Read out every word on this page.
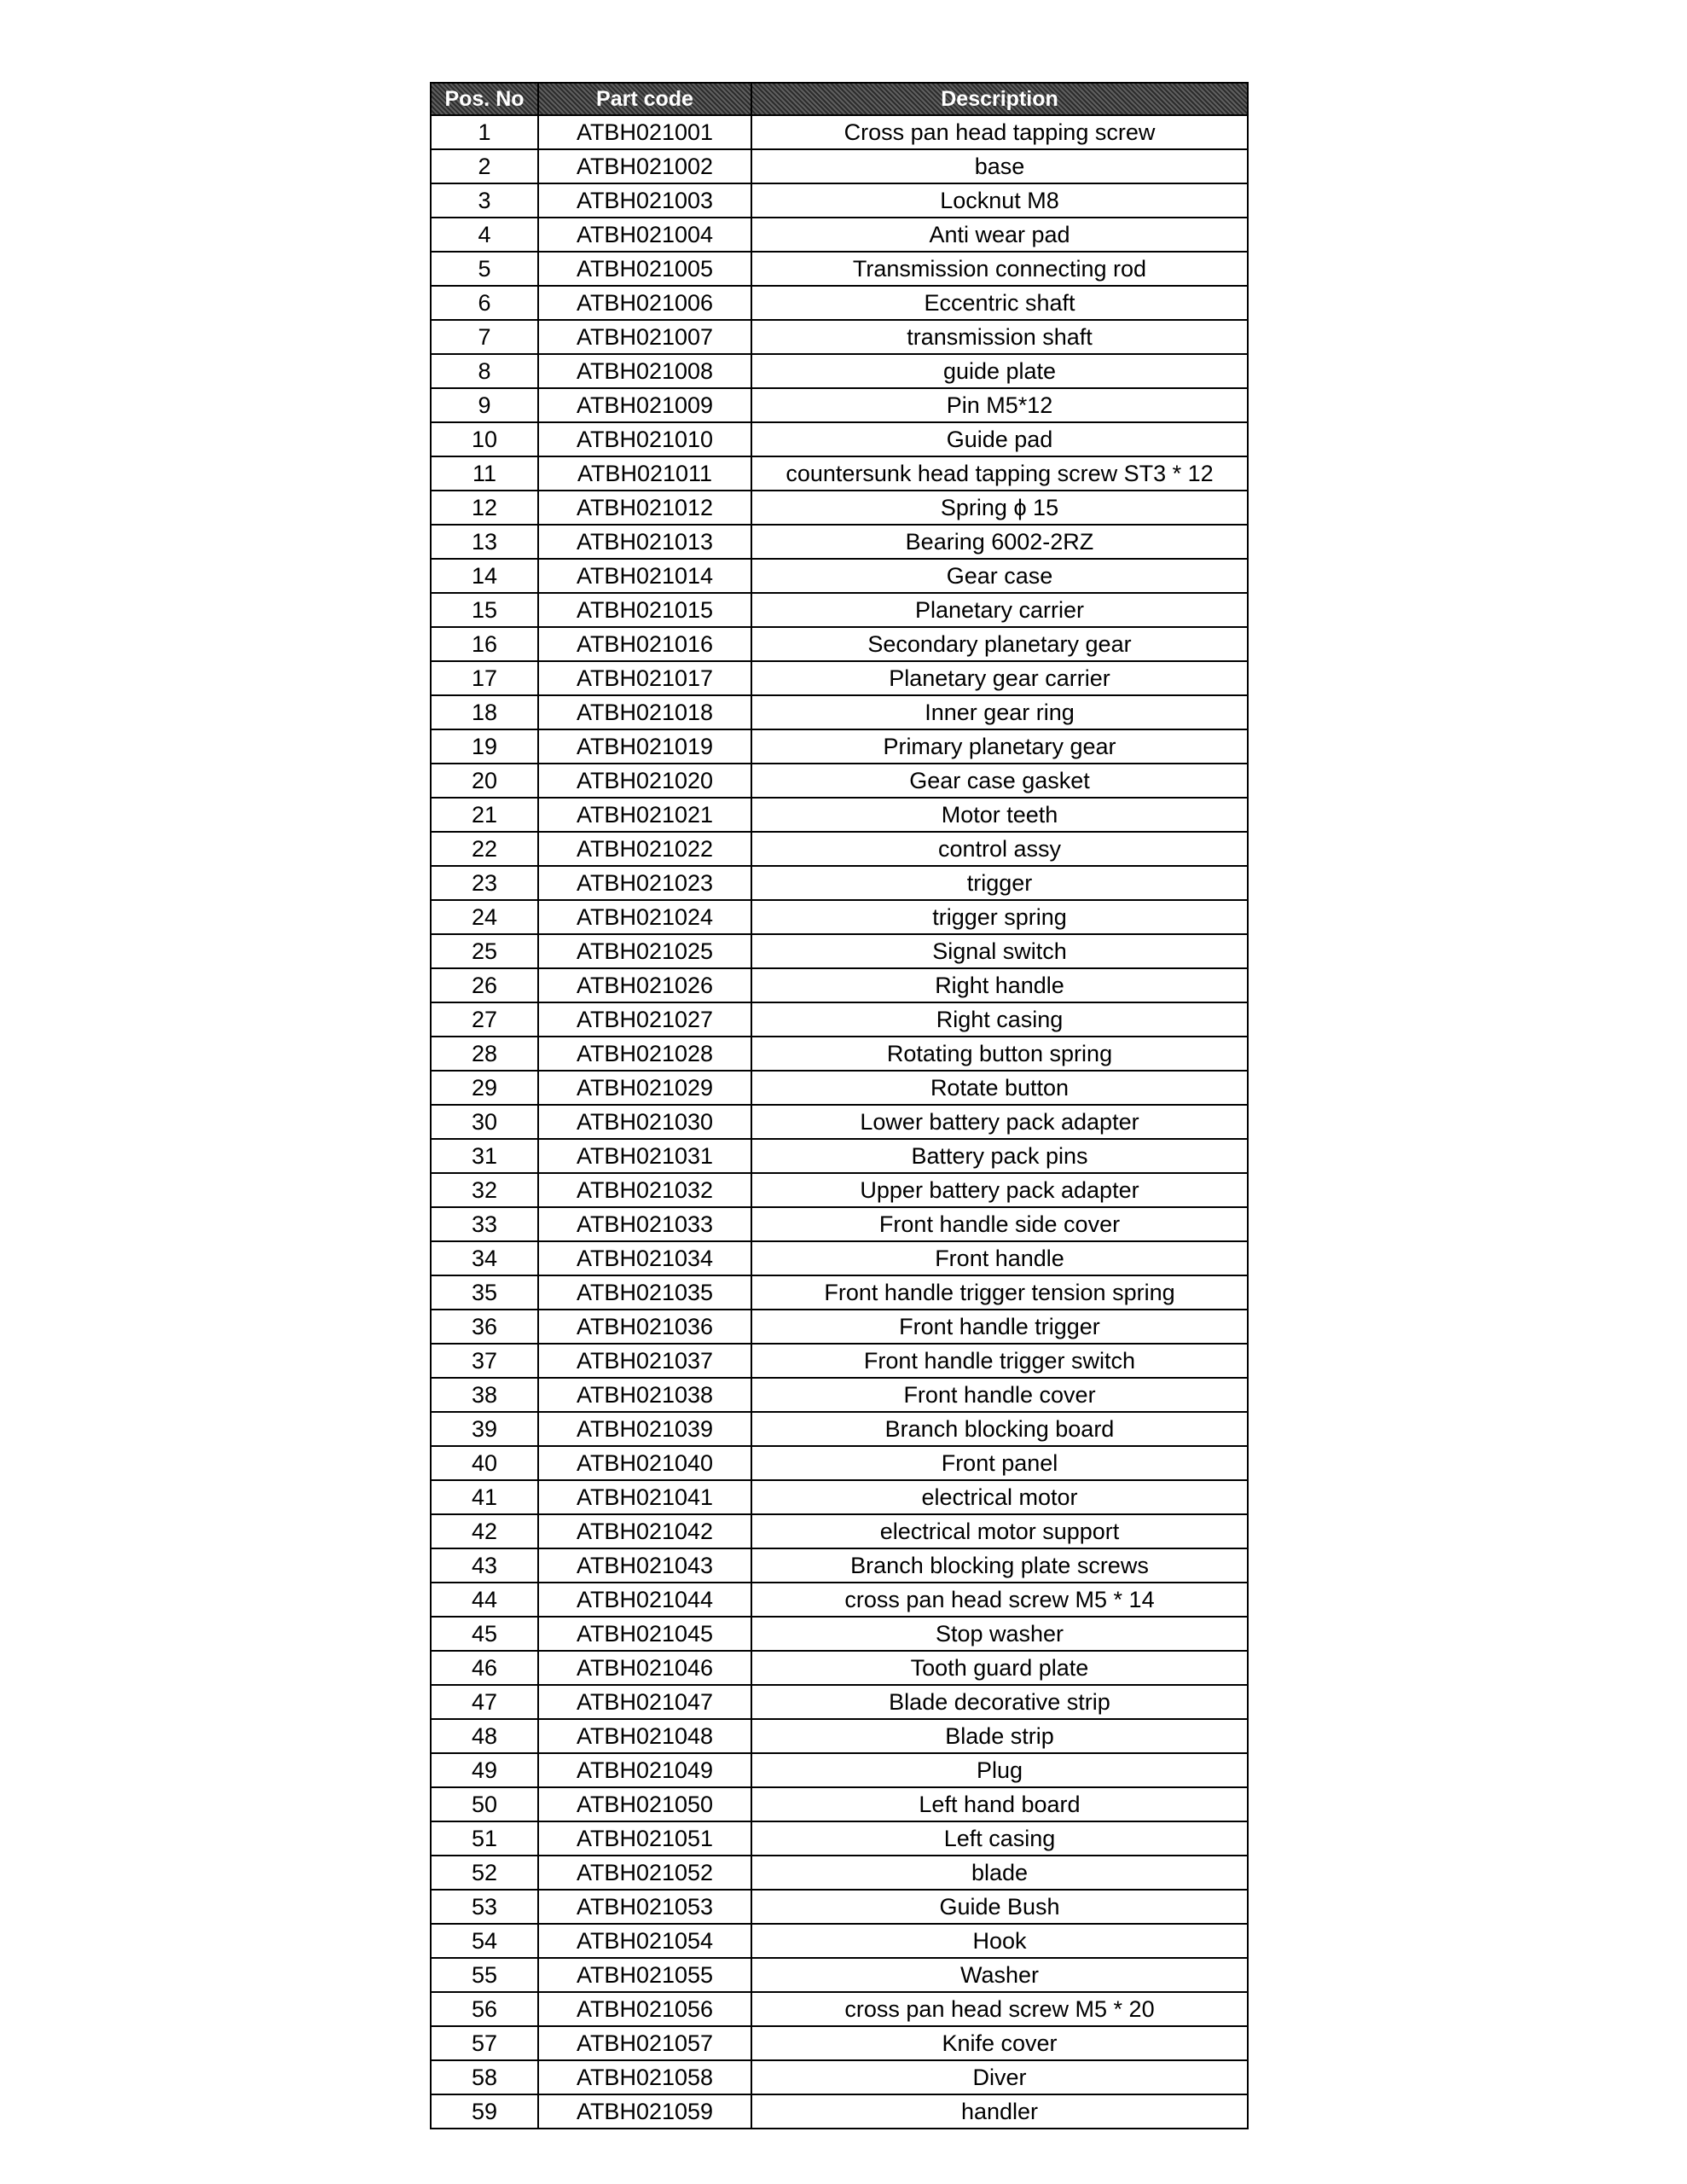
Pos. No	Part code	Description
1	ATBH021001	Cross pan head tapping screw
2	ATBH021002	base
3	ATBH021003	Locknut M8
4	ATBH021004	Anti wear pad
5	ATBH021005	Transmission connecting rod
6	ATBH021006	Eccentric shaft
7	ATBH021007	transmission shaft
8	ATBH021008	guide plate
9	ATBH021009	Pin M5*12
10	ATBH021010	Guide pad
11	ATBH021011	countersunk head tapping screw ST3 * 12
12	ATBH021012	Spring ϕ 15
13	ATBH021013	Bearing 6002-2RZ
14	ATBH021014	Gear case
15	ATBH021015	Planetary carrier
16	ATBH021016	Secondary planetary gear
17	ATBH021017	Planetary gear carrier
18	ATBH021018	Inner gear ring
19	ATBH021019	Primary planetary gear
20	ATBH021020	Gear case gasket
21	ATBH021021	Motor teeth
22	ATBH021022	control assy
23	ATBH021023	trigger
24	ATBH021024	trigger spring
25	ATBH021025	Signal switch
26	ATBH021026	Right handle
27	ATBH021027	Right casing
28	ATBH021028	Rotating button spring
29	ATBH021029	Rotate button
30	ATBH021030	Lower battery pack adapter
31	ATBH021031	Battery pack pins
32	ATBH021032	Upper battery pack adapter
33	ATBH021033	Front handle side cover
34	ATBH021034	Front handle
35	ATBH021035	Front handle trigger tension spring
36	ATBH021036	Front handle trigger
37	ATBH021037	Front handle trigger switch
38	ATBH021038	Front handle cover
39	ATBH021039	Branch blocking board
40	ATBH021040	Front panel
41	ATBH021041	electrical motor
42	ATBH021042	electrical motor support
43	ATBH021043	Branch blocking plate screws
44	ATBH021044	cross pan head screw M5 * 14
45	ATBH021045	Stop washer
46	ATBH021046	Tooth guard plate
47	ATBH021047	Blade decorative strip
48	ATBH021048	Blade strip
49	ATBH021049	Plug
50	ATBH021050	Left hand board
51	ATBH021051	Left casing
52	ATBH021052	blade
53	ATBH021053	Guide Bush
54	ATBH021054	Hook
55	ATBH021055	Washer
56	ATBH021056	cross pan head screw M5 * 20
57	ATBH021057	Knife cover
58	ATBH021058	Diver
59	ATBH021059	handler
